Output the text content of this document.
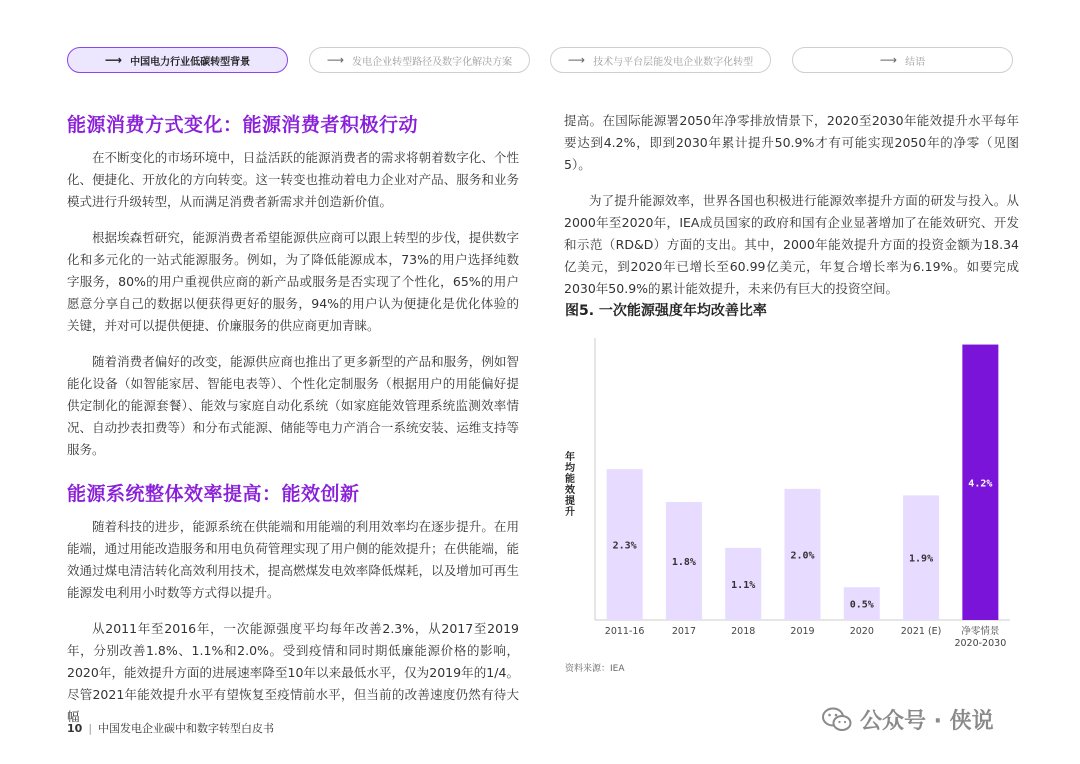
⟶ 中国电力行业低碳转型背景	⟶ 发电企业转型路径及数字化解决方案	⟶ 技术与平台层能发电企业数字化转型	⟶ 结语
能源消费方式变化：能源消费者积极行动

在不断变化的市场环境中，日益活跃的能源消费者的需求将朝着数字化、个性化、便捷化、开放化的方向转变。这一转变也推动着电力企业对产品、服务和业务模式进行升级转型，从而满足消费者新需求并创造新价值。

根据埃森哲研究，能源消费者希望能源供应商可以跟上转型的步伐，提供数字化和多元化的一站式能源服务。例如，为了降低能源成本，73%的用户选择纯数字服务，80%的用户重视供应商的新产品或服务是否实现了个性化，65%的用户愿意分享自己的数据以便获得更好的服务，94%的用户认为便捷化是优化体验的关键，并对可以提供便捷、价廉服务的供应商更加青睐。

随着消费者偏好的改变，能源供应商也推出了更多新型的产品和服务，例如智能化设备（如智能家居、智能电表等）、个性化定制服务（根据用户的用能偏好提供定制化的能源套餐）、能效与家庭自动化系统（如家庭能效管理系统监测效率情况、自动抄表扣费等）和分布式能源、储能等电力产消合一系统安装、运维支持等服务。

能源系统整体效率提高：能效创新

随着科技的进步，能源系统在供能端和用能端的利用效率均在逐步提升。在用能端，通过用能改造服务和用电负荷管理实现了用户侧的能效提升；在供能端，能效通过煤电清洁转化高效利用技术，提高燃煤发电效率降低煤耗，以及增加可再生能源发电利用小时数等方式得以提升。

从2011年至2016年，一次能源强度平均每年改善2.3%，从2017至2019年，分别改善1.8%、1.1%和2.0%。受到疫情和同时期低廉能源价格的影响，2020年，能效提升方面的进展速率降至10年以来最低水平，仅为2019年的1/4。尽管2021年能效提升水平有望恢复至疫情前水平，但当前的改善速度仍然有待大幅

提高。在国际能源署2050年净零排放情景下，2020至2030年能效提升水平每年要达到4.2%，即到2030年累计提升50.9%才有可能实现2050年的净零（见图5）。

为了提升能源效率，世界各国也积极进行能源效率提升方面的研发与投入。从2000年至2020年，IEA成员国家的政府和国有企业显著增加了在能效研究、开发和示范（RD&D）方面的支出。其中，2000年能效提升方面的投资金额为18.34亿美元，到2020年已增长至60.99亿美元，年复合增长率为6.19%。如要完成2030年50.9%的累计能效提升，未来仍有巨大的投资空间。

图5. 一次能源强度年均改善比率
年均能效提升
2.3%
2011-16
1.8%
2017
1.1%
2018
2.0%
2019
0.5%
2020
1.9%
2021 (E)
4.2%
净零情景 2020-2030
资料来源：IEA
10 | 中国发电企业碳中和数字转型白皮书	公众号 · 侠说
